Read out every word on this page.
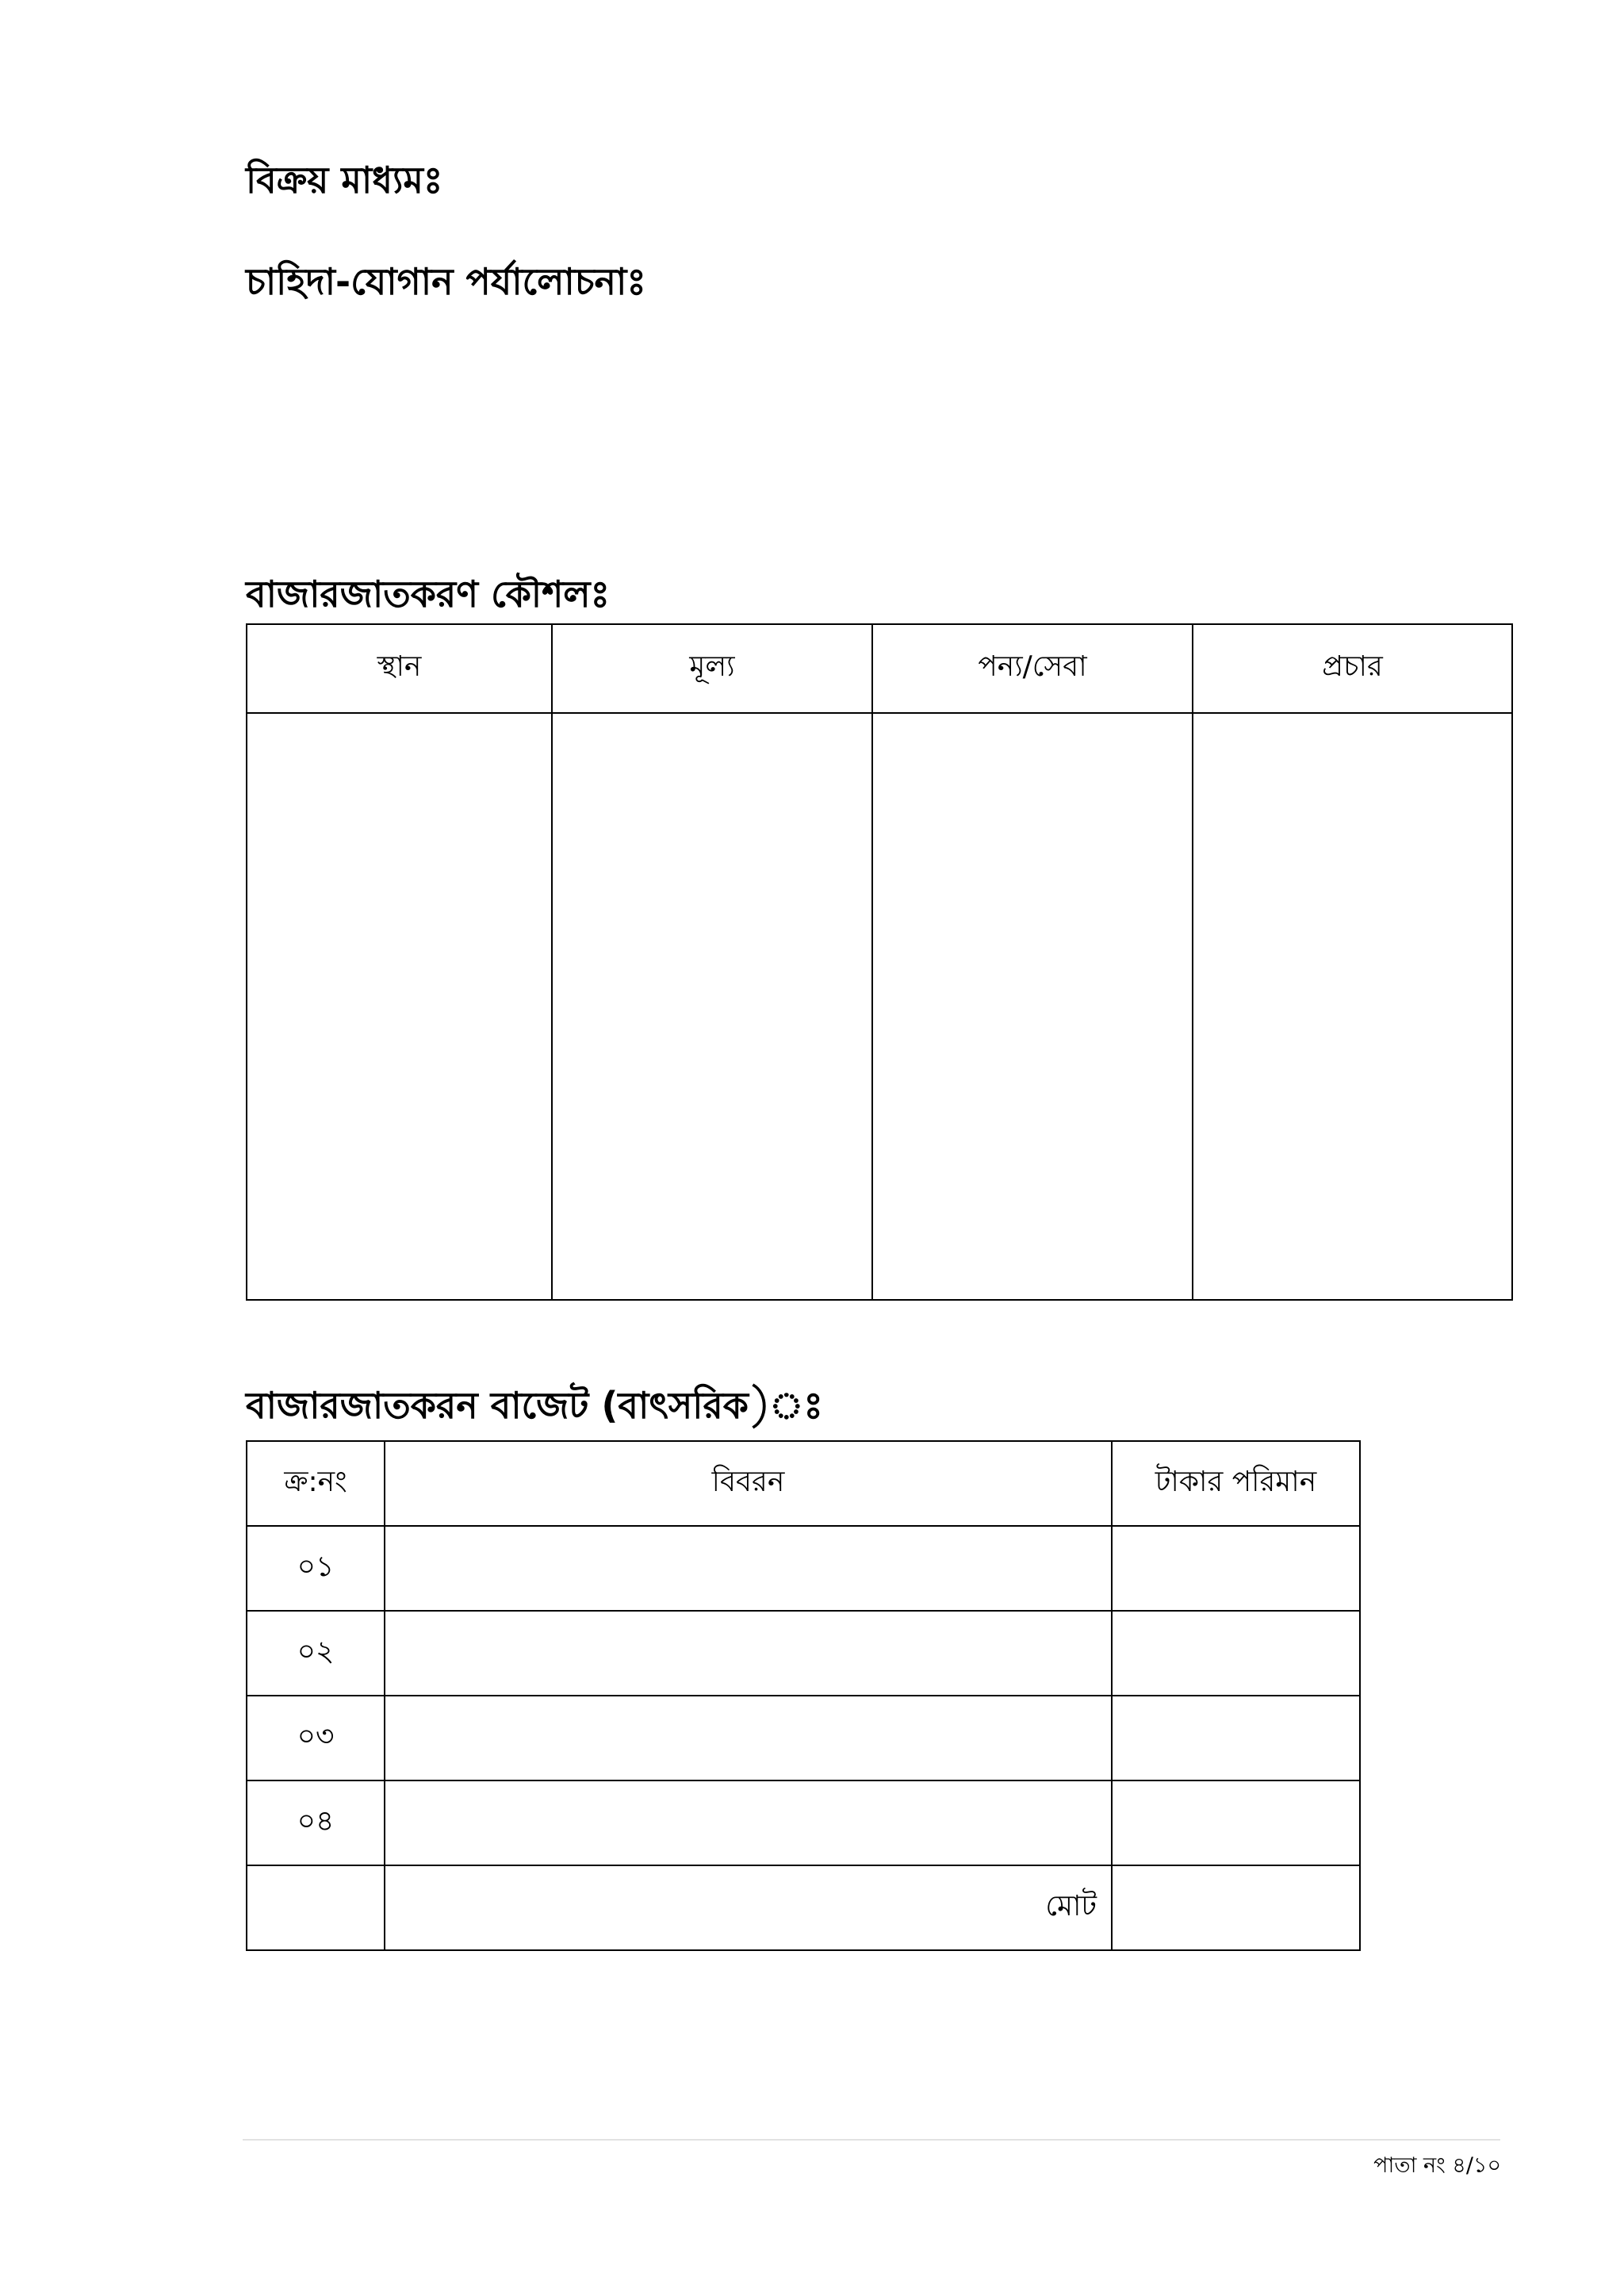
বিক্রয় মাধ্যমঃ
চাহিদা-যোগান পর্যালোচনাঃ
বাজারজাতকরণ কৌশলঃ
স্থান	মূল্য	পন্য/সেবা	প্রচার

বাজারজাতকরন বাজেট (বাৎসরিক)ঃ
ক্র:নং	বিবরন	টাকার পরিমান
০১		
০২		
০৩		
০৪		
	মোট	
পাতা নং ৪/১০
